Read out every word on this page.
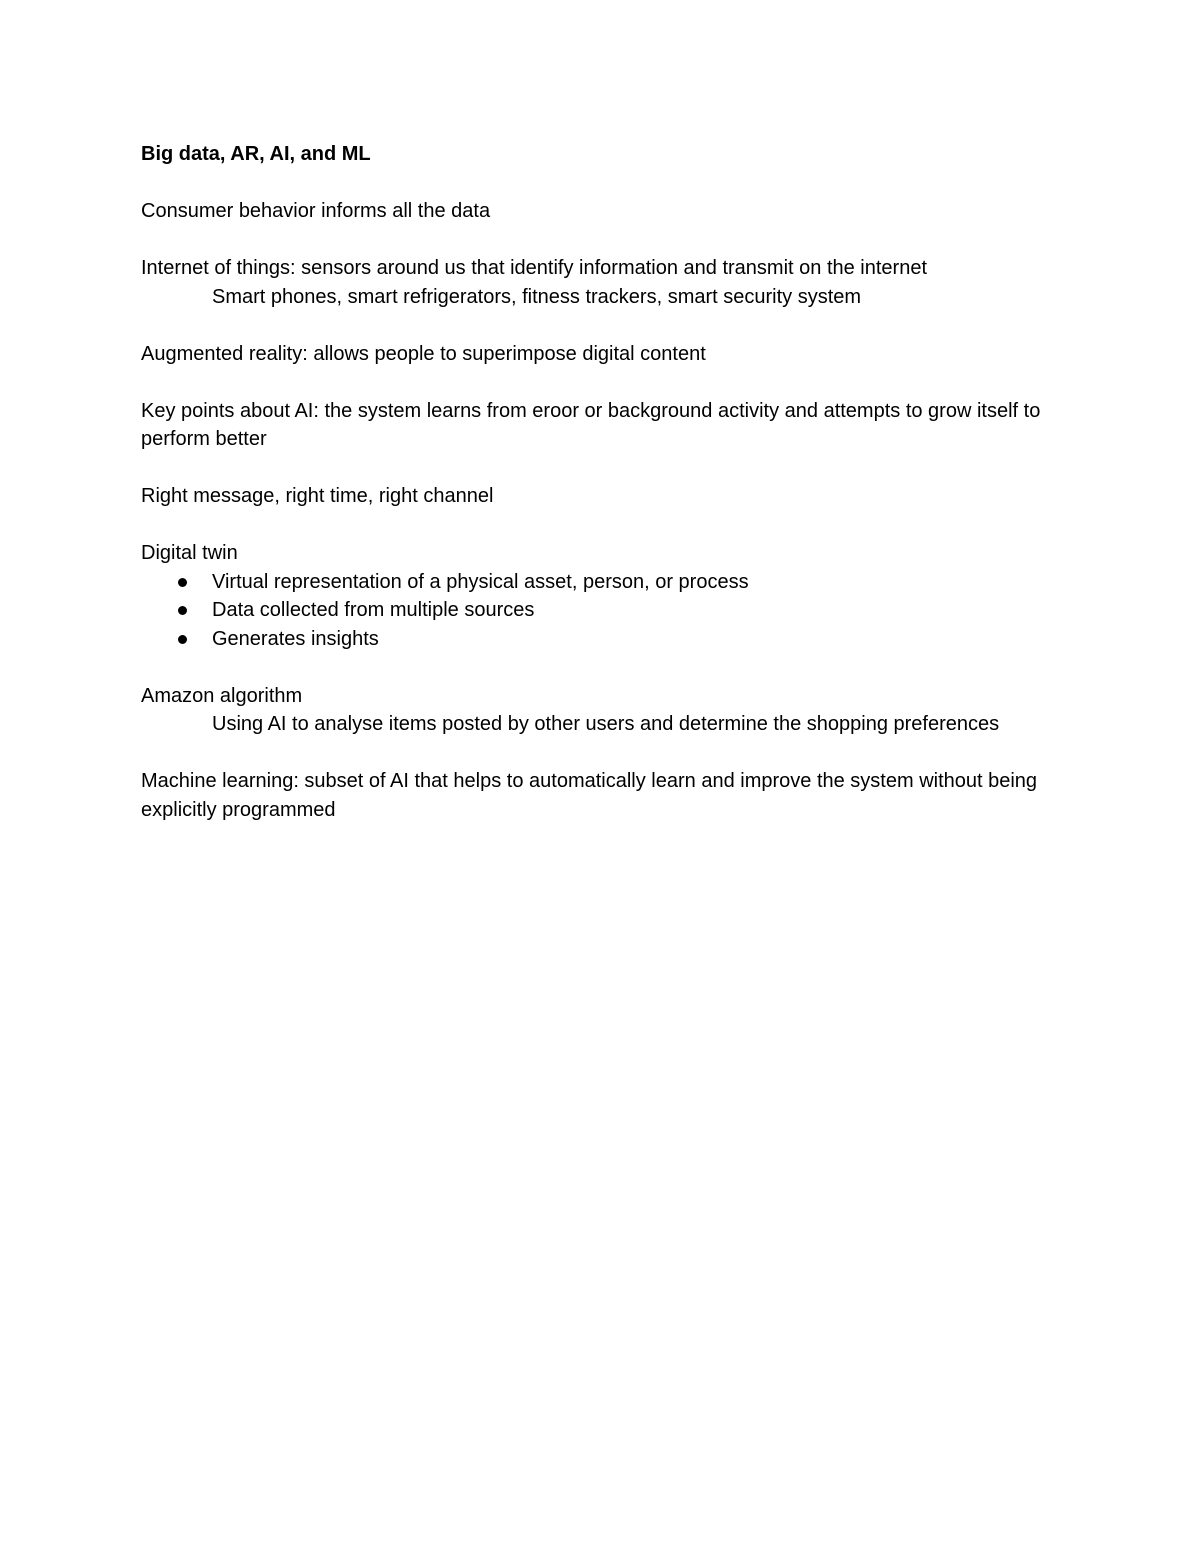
Big data, AR, AI, and ML

Consumer behavior informs all the data

Internet of things: sensors around us that identify information and transmit on the internet

Smart phones, smart refrigerators, fitness trackers, smart security system

Augmented reality: allows people to superimpose digital content

Key points about AI: the system learns from eroor or background activity and attempts to grow itself to perform better

Right message, right time, right channel

Digital twin

Virtual representation of a physical asset, person, or process
Data collected from multiple sources
Generates insights

Amazon algorithm

Using AI to analyse items posted by other users and determine the shopping preferences

Machine learning: subset of AI that helps to automatically learn and improve the system without being explicitly programmed
